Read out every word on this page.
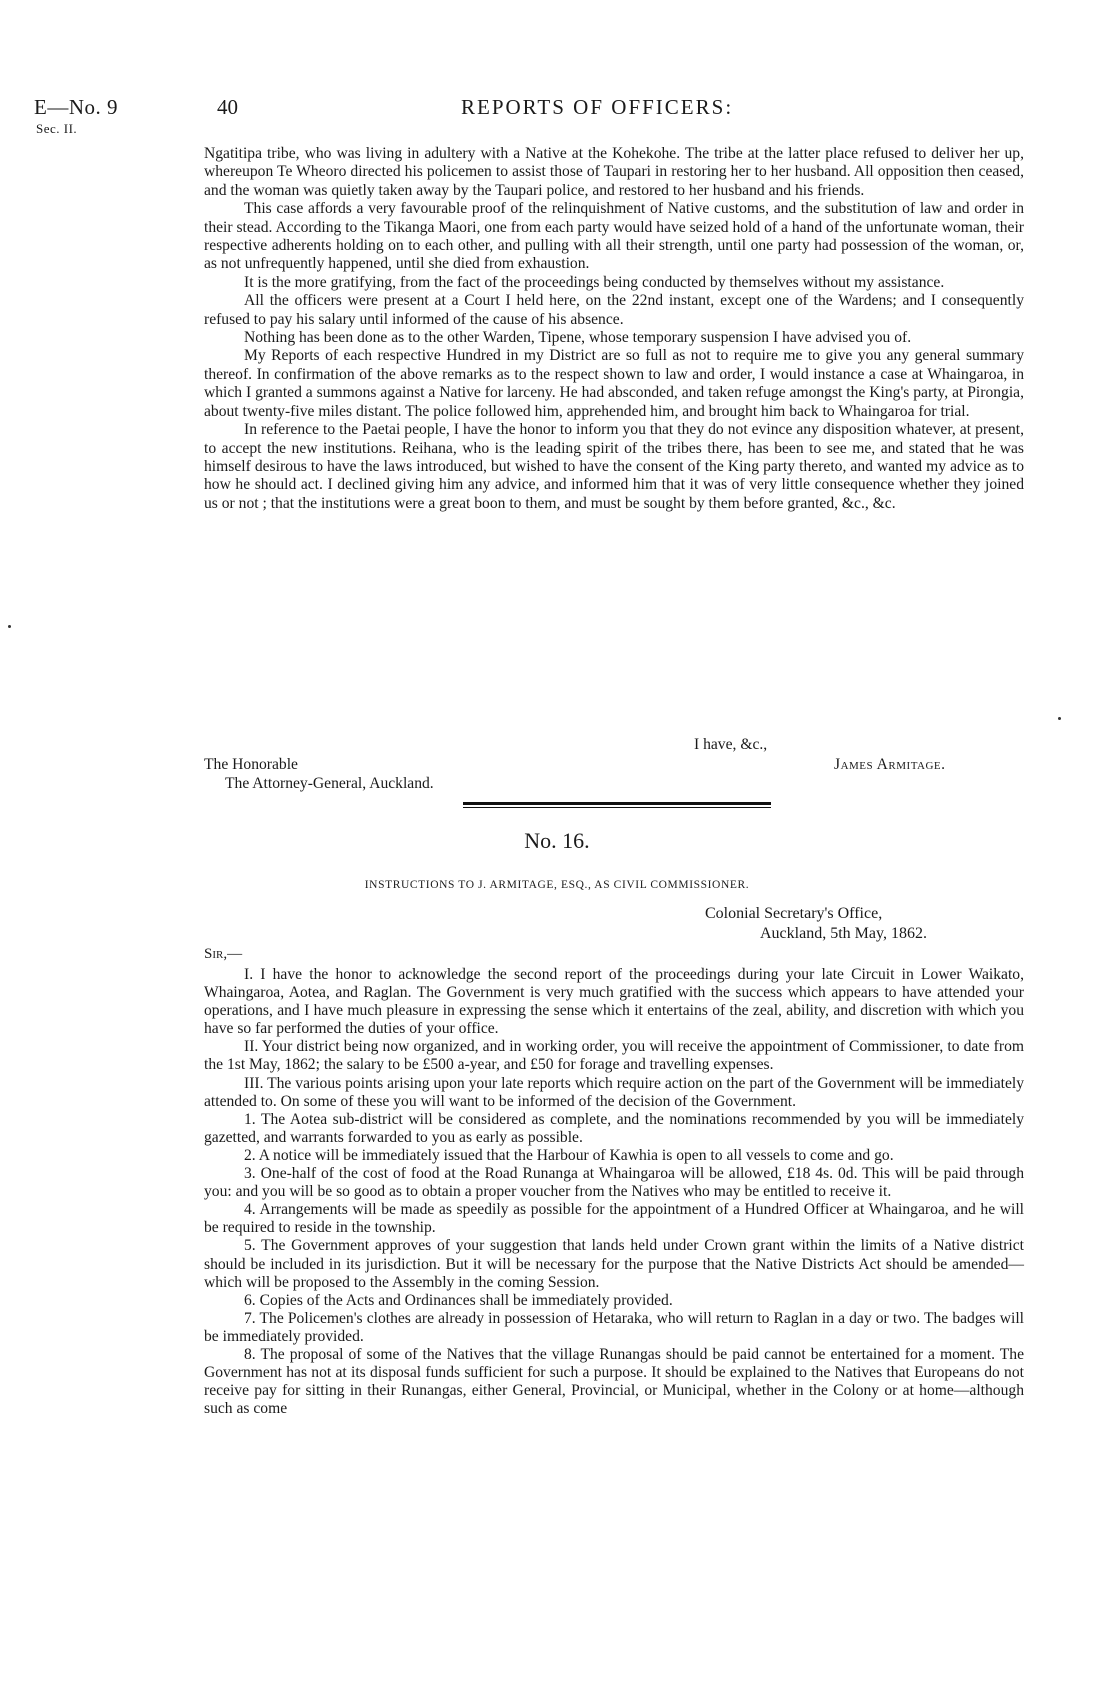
E—No. 9
Sec. II.
40	REPORTS OF OFFICERS:

Ngatitipa tribe, who was living in adultery with a Native at the Kohekohe. The tribe at the latter place refused to deliver her up, whereupon Te Wheoro directed his policemen to assist those of Taupari in restoring her to her husband. All opposition then ceased, and the woman was quietly taken away by the Taupari police, and restored to her husband and his friends.

This case affords a very favourable proof of the relinquishment of Native customs, and the substitution of law and order in their stead. According to the Tikanga Maori, one from each party would have seized hold of a hand of the unfortunate woman, their respective adherents holding on to each other, and pulling with all their strength, until one party had possession of the woman, or, as not unfrequently happened, until she died from exhaustion.

It is the more gratifying, from the fact of the proceedings being conducted by themselves without my assistance.

All the officers were present at a Court I held here, on the 22nd instant, except one of the Wardens; and I consequently refused to pay his salary until informed of the cause of his absence.

Nothing has been done as to the other Warden, Tipene, whose temporary suspension I have advised you of.

My Reports of each respective Hundred in my District are so full as not to require me to give you any general summary thereof. In confirmation of the above remarks as to the respect shown to law and order, I would instance a case at Whaingaroa, in which I granted a summons against a Native for larceny. He had absconded, and taken refuge amongst the King's party, at Pirongia, about twenty-five miles distant. The police followed him, apprehended him, and brought him back to Whaingaroa for trial.

In reference to the Paetai people, I have the honor to inform you that they do not evince any disposition whatever, at present, to accept the new institutions. Reihana, who is the leading spirit of the tribes there, has been to see me, and stated that he was himself desirous to have the laws introduced, but wished to have the consent of the King party thereto, and wanted my advice as to how he should act. I declined giving him any advice, and informed him that it was of very little consequence whether they joined us or not ; that the institutions were a great boon to them, and must be sought by them before granted, &c., &c.

I have, &c.,
James Armitage.
The Honorable
The Attorney-General, Auckland.
No. 16.
INSTRUCTIONS TO J. ARMITAGE, ESQ., AS CIVIL COMMISSIONER.
Colonial Secretary's Office,
Auckland, 5th May, 1862.
Sir,—

I. I have the honor to acknowledge the second report of the proceedings during your late Circuit in Lower Waikato, Whaingaroa, Aotea, and Raglan. The Government is very much gratified with the success which appears to have attended your operations, and I have much pleasure in expressing the sense which it entertains of the zeal, ability, and discretion with which you have so far performed the duties of your office.

II. Your district being now organized, and in working order, you will receive the appointment of Commissioner, to date from the 1st May, 1862; the salary to be £500 a-year, and £50 for forage and travelling expenses.

III. The various points arising upon your late reports which require action on the part of the Government will be immediately attended to. On some of these you will want to be informed of the decision of the Government.

1. The Aotea sub-district will be considered as complete, and the nominations recommended by you will be immediately gazetted, and warrants forwarded to you as early as possible.

2. A notice will be immediately issued that the Harbour of Kawhia is open to all vessels to come and go.

3. One-half of the cost of food at the Road Runanga at Whaingaroa will be allowed, £18 4s. 0d. This will be paid through you: and you will be so good as to obtain a proper voucher from the Natives who may be entitled to receive it.

4. Arrangements will be made as speedily as possible for the appointment of a Hundred Officer at Whaingaroa, and he will be required to reside in the township.

5. The Government approves of your suggestion that lands held under Crown grant within the limits of a Native district should be included in its jurisdiction. But it will be necessary for the purpose that the Native Districts Act should be amended—which will be proposed to the Assembly in the coming Session.

6. Copies of the Acts and Ordinances shall be immediately provided.

7. The Policemen's clothes are already in possession of Hetaraka, who will return to Raglan in a day or two. The badges will be immediately provided.

8. The proposal of some of the Natives that the village Runangas should be paid cannot be entertained for a moment. The Government has not at its disposal funds sufficient for such a purpose. It should be explained to the Natives that Europeans do not receive pay for sitting in their Runangas, either General, Provincial, or Municipal, whether in the Colony or at home—although such as come
